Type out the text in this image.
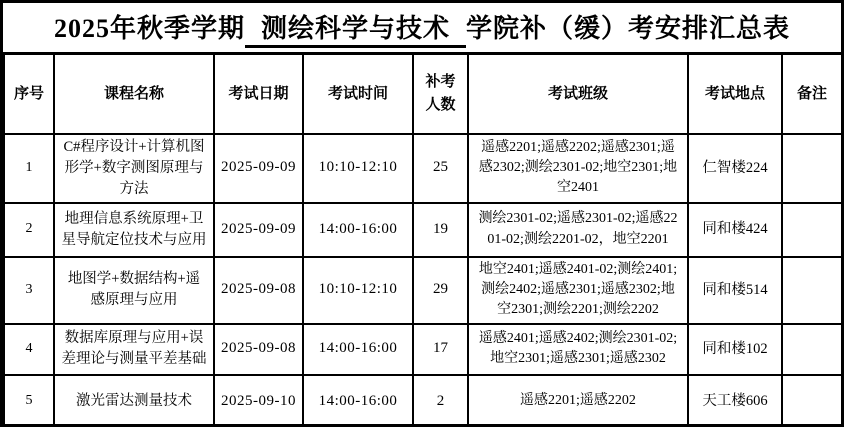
2025年秋季学期 测绘科学与技术 学院补（缓）考安排汇总表
序号	课程名称	考试日期	考试时间	补考人数	考试班级	考试地点	备注
1	C#程序设计+计算机图形学+数字测图原理与方法	2025-09-09	10:10-12:10	25	遥感2201;遥感2202;遥感2301;遥感2302;测绘2301-02;地空2301;地空2401	仁智楼224	
2	地理信息系统原理+卫星导航定位技术与应用	2025-09-09	14:00-16:00	19	测绘2301-02;遥感2301-02;遥感2201-02;测绘2201-02，地空2201	同和楼424	
3	地图学+数据结构+遥感原理与应用	2025-09-08	10:10-12:10	29	地空2401;遥感2401-02;测绘2401;测绘2402;遥感2301;遥感2302;地空2301;测绘2201;测绘2202	同和楼514	
4	数据库原理与应用+误差理论与测量平差基础	2025-09-08	14:00-16:00	17	遥感2401;遥感2402;测绘2301-02;地空2301;遥感2301;遥感2302	同和楼102	
5	激光雷达测量技术	2025-09-10	14:00-16:00	2	遥感2201;遥感2202	天工楼606	
